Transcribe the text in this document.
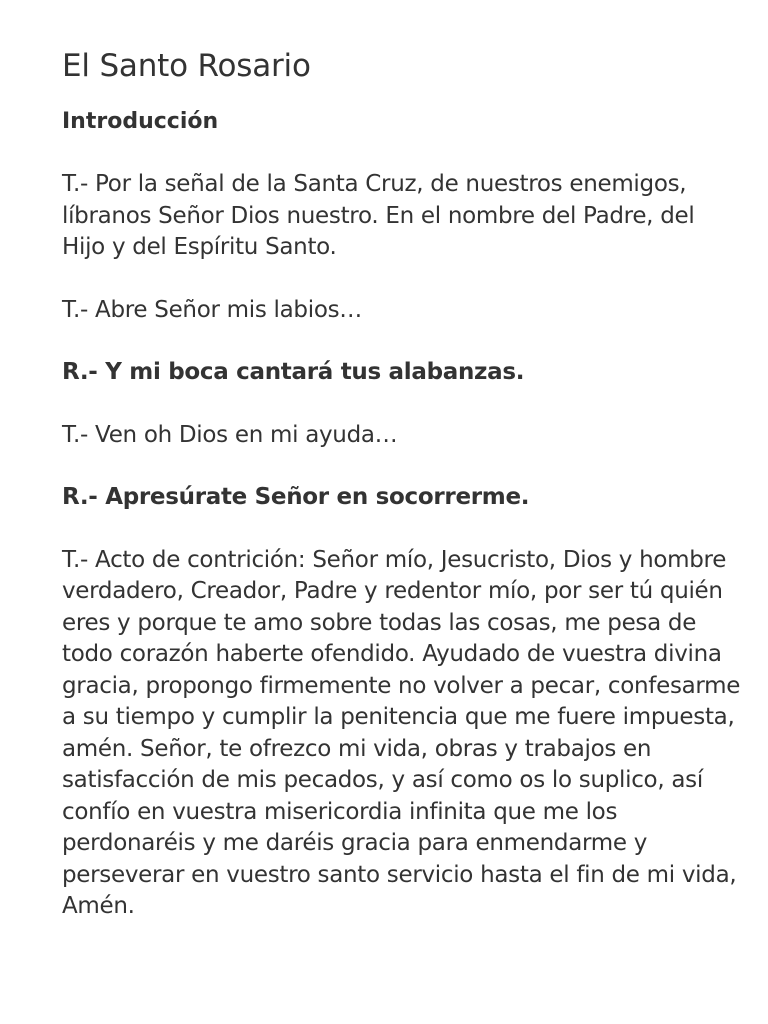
El Santo Rosario
Introducción

T.- Por la señal de la Santa Cruz, de nuestros enemigos, líbranos Señor Dios nuestro. En el nombre del Padre, del Hijo y del Espíritu Santo.

T.- Abre Señor mis labios…

R.- Y mi boca cantará tus alabanzas.

T.- Ven oh Dios en mi ayuda…

R.- Apresúrate Señor en socorrerme.

T.- Acto de contrición: Señor mío, Jesucristo, Dios y hombre verdadero, Creador, Padre y redentor mío, por ser tú quién eres y porque te amo sobre todas las cosas, me pesa de todo corazón haberte ofendido. Ayudado de vuestra divina gracia, propongo firmemente no volver a pecar, confesarme a su tiempo y cumplir la penitencia que me fuere impuesta, amén. Señor, te ofrezco mi vida, obras y trabajos en satisfacción de mis pecados, y así como os lo suplico, así confío en vuestra misericordia infinita que me los perdonaréis y me daréis gracia para enmendarme y perseverar en vuestro santo servicio hasta el fin de mi vida, Amén.
